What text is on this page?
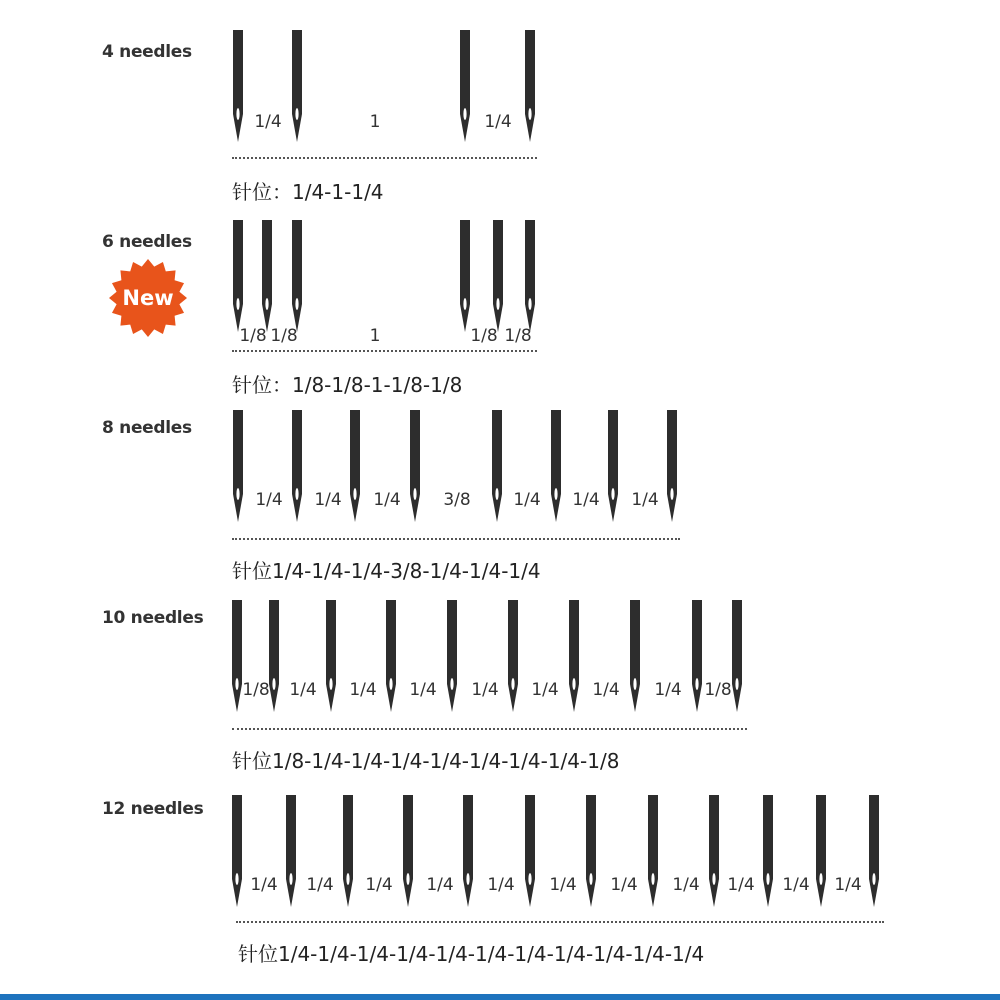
4 needles
1/4	1	1/4
针位：1/4-1-1/4
6 needles
1/8 1/8	1	1/8 1/8
针位：1/8-1/8-1-1/8-1/8
8 needles
1/4 1/4 1/4	3/8	1/4 1/4 1/4
针位1/4-1/4-1/4-3/8-1/4-1/4-1/4
10 needles
1/8 1/4 1/4 1/4 1/4 1/4 1/4 1/4 1/8
针位1/8-1/4-1/4-1/4-1/4-1/4-1/4-1/4-1/8
12 needles
1/4 1/4 1/4 1/4 1/4 1/4 1/4 1/4 1/4 1/4 1/4
针位1/4-1/4-1/4-1/4-1/4-1/4-1/4-1/4-1/4-1/4-1/4
New
